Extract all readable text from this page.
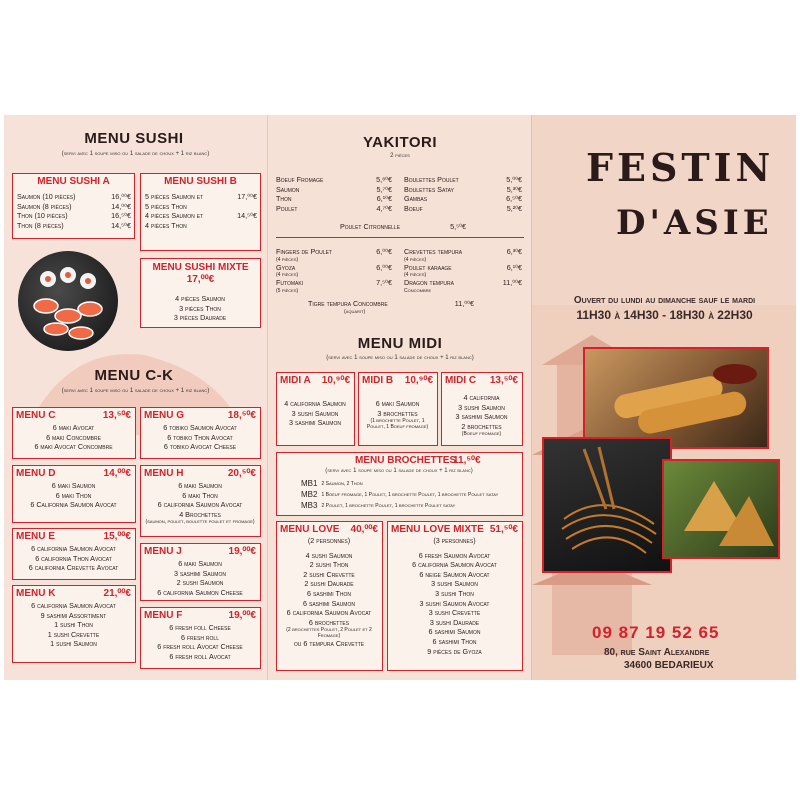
MENU SUSHI
(servi avec 1 soupe miso ou 1 salade de choux + 1 riz blanc)
MENU SUSHI A
Saumon (10 pièces)	16,⁰⁰€
Saumon (8 pièces)	14,⁰⁰€
Thon (10 pièces)	16,⁵⁰€
Thon (8 pièces)	14,⁵⁰€
MENU SUSHI B
5 pièces Saumon et	17,⁰⁰€
5 pièces Thon
4 pièces Saumon et	14,⁵⁰€
4 pièces Thon
MENU SUSHI MIXTE
17,⁰⁰€
4 pièces Saumon
3 pièces Thon
3 pièces Daurade
MENU C-K
(servi avec 1 soupe miso ou 1 salade de choux + 1 riz blanc)
MENU C	13,⁵⁰€
6 maki Avocat
6 maki Concombre
6 maki Avocat Concombre
MENU G	18,⁵⁰€
6 tobiko Saumon Avocat
6 tobiko Thon Avocat
6 tobiko Avocat Cheese
MENU D	14,⁰⁰€
6 maki Saumon
6 maki Thon
6 California Saumon Avocat
MENU H	20,⁵⁰€
6 maki Saumon
6 maki Thon
6 california Saumon Avocat
4 Brochettes
(saumon, poulet, boulette poulet et fromage)
MENU E	15,⁰⁰€
6 california Saumon Avocat
6 california Thon Avocat
6 california Crevette Avocat
MENU J	19,⁰⁰€
6 maki Saumon
3 sashimi Saumon
2 sushi Saumon
6 california Saumon Cheese
MENU K	21,⁰⁰€
6 california Saumon Avocat
9 sashimi Assortiment
1 sushi Thon
1 sushi Crevette
1 sushi Saumon
MENU F	19,⁰⁰€
6 fresh foll Cheese
6 fresh roll
6 fresh roll Avocat Cheese
6 fresh roll Avocat
YAKITORI
2 pièces
Boeuf Fromage	5,⁸⁰€
Saumon	5,⁷⁰€
Thon	6,¹⁰€
Poulet	4,⁷⁰€
Boulettes Poulet	5,⁰⁰€
Boulettes Satay	5,³⁰€
Gambas	6,⁵⁰€
Boeuf	5,²⁰€
Poulet Citronnelle	5,⁵⁰€
Fingers de Poulet	6,⁰⁰€
(4 pièces)
Gyoza	6,⁰⁰€
(4 pièces)
Futomaki	7,⁵⁰€
(5 pièces)
Crevettes tempura	6,³⁰€
(4 pièces)
Poulet karaage	6,¹⁰€
(4 pièces)
Dragon tempura	11,⁰⁰€
Concombre
Tigre tempura Concombre	11,⁰⁰€
(aquarit)
MENU MIDI
(servi avec 1 soupe miso ou 1 salade de choux + 1 riz blanc)
MIDI A 10,⁹⁰€
4 california Saumon
3 sushi Saumon
3 sashimi Saumon
MIDI B 10,⁹⁰€
6 maki Saumon
3 brochettes
(1 brochette Poulet, 1 Poulet, 1 Boeuf fromage)
MIDI C 13,⁵⁰€
4 california
3 sushi Saumon
3 sashimi Saumon
2 brochettes
(Boeuf fromage)
MENU BROCHETTES
11,⁵⁰€
(servi avec 1 soupe miso ou 1 salade de choux + 1 riz blanc)
MB1 2 Saumon, 2 Thon
MB2 1 Boeuf fromage, 1 Poulet, 1 brochette Poulet, 1 brochette Poulet satay
MB3 2 Poulet, 1 brochette Poulet, 1 brochette Poulet satay
MENU LOVE 40,⁰⁰€
(2 personnes)
4 sushi Saumon
2 sushi Thon
2 sushi Crevette
2 sushi Daurade
6 sashimi Thon
6 sashimi Saumon
6 california Saumon Avocat
6 brochettes
(2 brochettes Poulet, 2 Poulet et 2 Fromage)
ou 6 tempura Crevette
MENU LOVE MIXTE 51,⁵⁰€
(3 personnes)
6 fresh Saumon Avocat
6 california Saumon Avocat
6 neige Saumon Avocat
3 sushi Saumon
3 sushi Thon
3 sushi Saumon Avocat
3 sushi Crevette
3 sushi Daurade
6 sashimi Saumon
6 sashimi Thon
9 pièces de Gyoza
FESTIN
D'ASIE
Ouvert du lundi au dimanche sauf le mardi
11H30 à 14H30 - 18H30 à 22H30
09 87 19 52 65
80, rue Saint Alexandre
34600 BEDARIEUX
